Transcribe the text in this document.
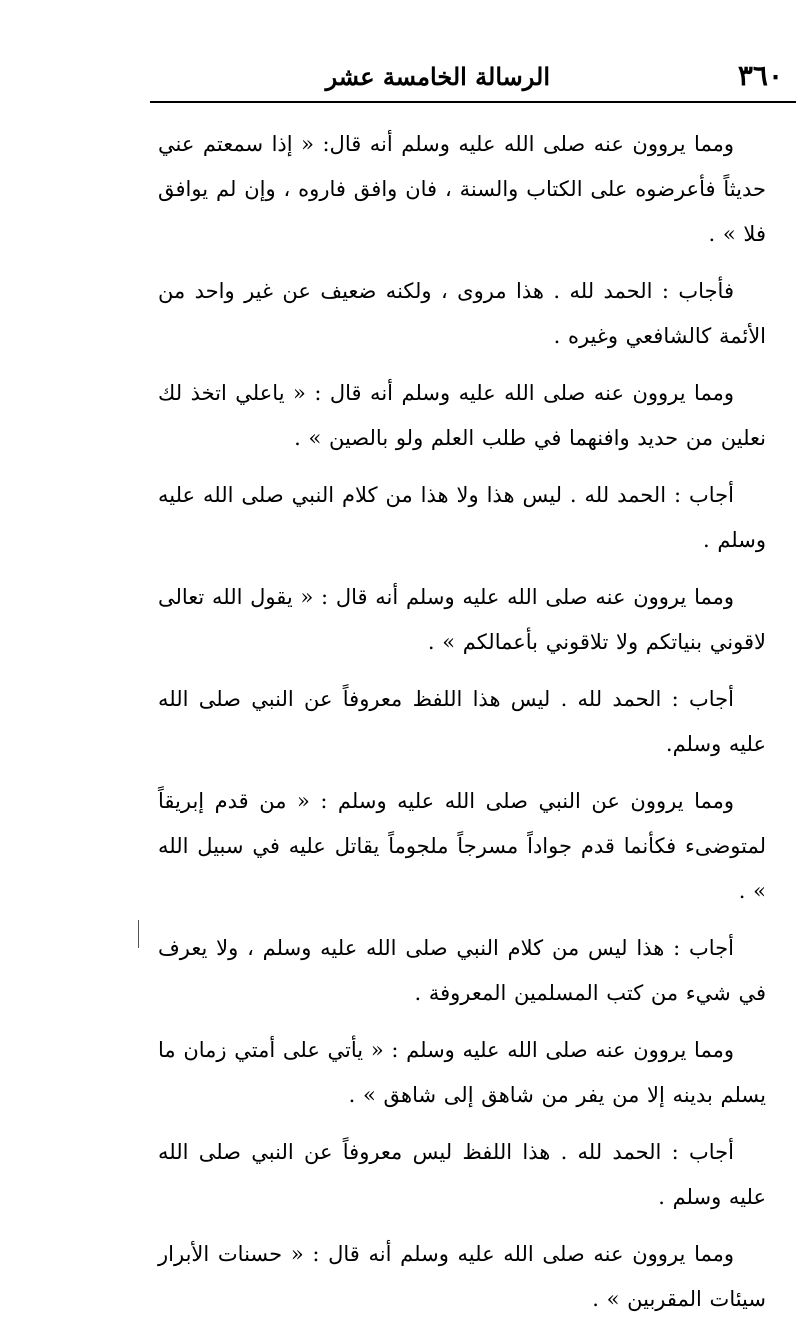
٣٦٠
الرسالة الخامسة عشر

ومما يروون عنه صلى الله عليه وسلم أنه قال: « إذا سمعتم عني حديثاً فأعرضوه على الكتاب والسنة ، فان وافق فاروه ، وإن لم يوافق فلا » .

فأجاب : الحمد لله . هذا مروى ، ولكنه ضعيف عن غير واحد من الأئمة كالشافعي وغيره .

ومما يروون عنه صلى الله عليه وسلم أنه قال : « ياعلي اتخذ لك نعلين من حديد وافنهما في طلب العلم ولو بالصين » .

أجاب : الحمد لله . ليس هذا ولا هذا من كلام النبي صلى الله عليه وسلم .

ومما يروون عنه صلى الله عليه وسلم أنه قال : « يقول الله تعالى لاقوني بنياتكم ولا تلاقوني بأعمالكم » .

أجاب : الحمد لله . ليس هذا اللفظ معروفاً عن النبي صلى الله عليه وسلم.

ومما يروون عن النبي صلى الله عليه وسلم : « من قدم إبريقاً لمتوضىء فكأنما قدم جواداً مسرجاً ملجوماً يقاتل عليه في سبيل الله » .

أجاب : هذا ليس من كلام النبي صلى الله عليه وسلم ، ولا يعرف في شيء من كتب المسلمين المعروفة .

ومما يروون عنه صلى الله عليه وسلم : « يأتي على أمتي زمان ما يسلم بدينه إلا من يفر من شاهق إلى شاهق » .

أجاب : الحمد لله . هذا اللفظ ليس معروفاً عن النبي صلى الله عليه وسلم .

ومما يروون عنه صلى الله عليه وسلم أنه قال : « حسنات الأبرار سيئات المقربين » .
